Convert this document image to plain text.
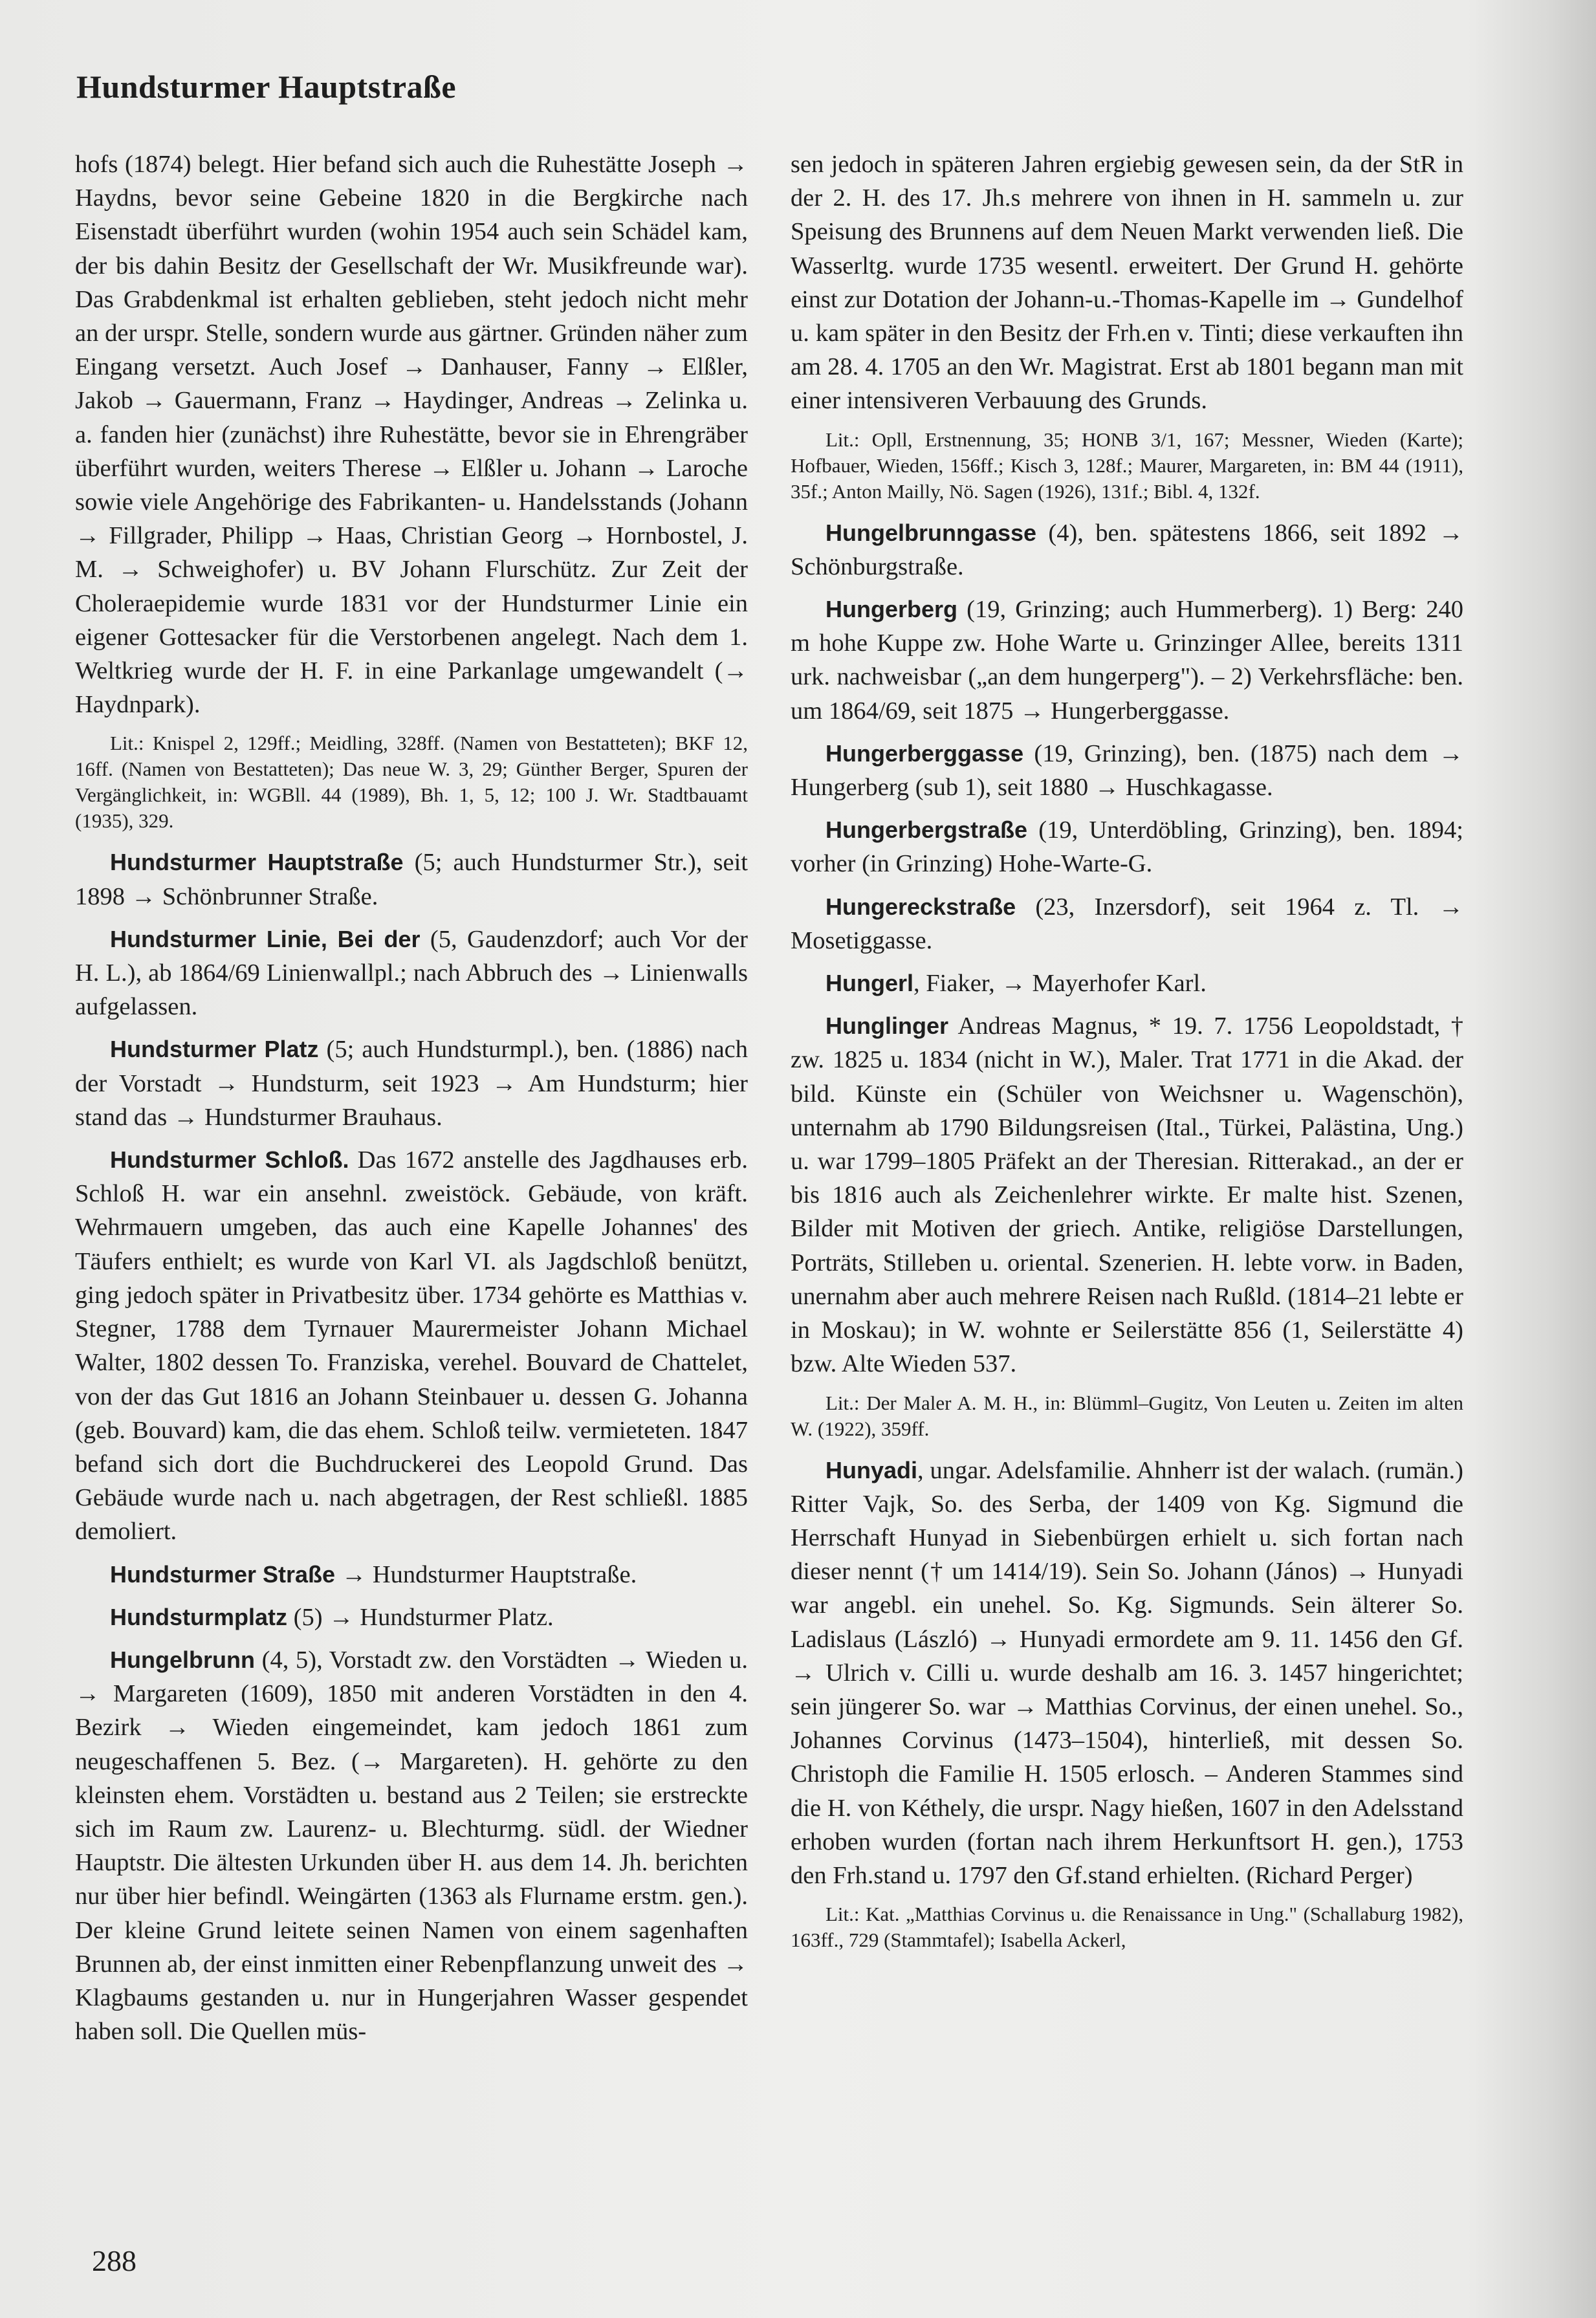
Hundsturmer Hauptstraße

hofs (1874) belegt. Hier befand sich auch die Ruhestätte Joseph → Haydns, bevor seine Gebeine 1820 in die Bergkirche nach Eisenstadt überführt wurden (wohin 1954 auch sein Schädel kam, der bis dahin Besitz der Gesellschaft der Wr. Musikfreunde war). Das Grabdenkmal ist erhalten geblieben, steht jedoch nicht mehr an der urspr. Stelle, sondern wurde aus gärtner. Gründen näher zum Eingang versetzt. Auch Josef → Danhauser, Fanny → Elßler, Jakob → Gauermann, Franz → Haydinger, Andreas → Zelinka u. a. fanden hier (zunächst) ihre Ruhestätte, bevor sie in Ehrengräber überführt wurden, weiters Therese → Elßler u. Johann → Laroche sowie viele Angehörige des Fabrikanten- u. Handelsstands (Johann → Fillgrader, Philipp → Haas, Christian Georg → Hornbostel, J. M. → Schweighofer) u. BV Johann Flurschütz. Zur Zeit der Choleraepidemie wurde 1831 vor der Hundsturmer Linie ein eigener Gottesacker für die Verstorbenen angelegt. Nach dem 1. Weltkrieg wurde der H. F. in eine Parkanlage umgewandelt (→ Haydnpark).

Lit.: Knispel 2, 129ff.; Meidling, 328ff. (Namen von Bestatteten); BKF 12, 16ff. (Namen von Bestatteten); Das neue W. 3, 29; Günther Berger, Spuren der Vergänglichkeit, in: WGBll. 44 (1989), Bh. 1, 5, 12; 100 J. Wr. Stadtbauamt (1935), 329.

Hundsturmer Hauptstraße (5; auch Hundsturmer Str.), seit 1898 → Schönbrunner Straße.

Hundsturmer Linie, Bei der (5, Gaudenzdorf; auch Vor der H. L.), ab 1864/69 Linienwallpl.; nach Abbruch des → Linienwalls aufgelassen.

Hundsturmer Platz (5; auch Hundsturmpl.), ben. (1886) nach der Vorstadt → Hundsturm, seit 1923 → Am Hundsturm; hier stand das → Hundsturmer Brauhaus.

Hundsturmer Schloß. Das 1672 anstelle des Jagdhauses erb. Schloß H. war ein ansehnl. zweistöck. Gebäude, von kräft. Wehrmauern umgeben, das auch eine Kapelle Johannes' des Täufers enthielt; es wurde von Karl VI. als Jagdschloß benützt, ging jedoch später in Privatbesitz über. 1734 gehörte es Matthias v. Stegner, 1788 dem Tyrnauer Maurermeister Johann Michael Walter, 1802 dessen To. Franziska, verehel. Bouvard de Chattelet, von der das Gut 1816 an Johann Steinbauer u. dessen G. Johanna (geb. Bouvard) kam, die das ehem. Schloß teilw. vermieteten. 1847 befand sich dort die Buchdruckerei des Leopold Grund. Das Gebäude wurde nach u. nach abgetragen, der Rest schließl. 1885 demoliert.

Hundsturmer Straße → Hundsturmer Hauptstraße.

Hundsturmplatz (5) → Hundsturmer Platz.

Hungelbrunn (4, 5), Vorstadt zw. den Vorstädten → Wieden u. → Margareten (1609), 1850 mit anderen Vorstädten in den 4. Bezirk → Wieden eingemeindet, kam jedoch 1861 zum neugeschaffenen 5. Bez. (→ Margareten). H. gehörte zu den kleinsten ehem. Vorstädten u. bestand aus 2 Teilen; sie erstreckte sich im Raum zw. Laurenz- u. Blechturmg. südl. der Wiedner Hauptstr. Die ältesten Urkunden über H. aus dem 14. Jh. berichten nur über hier befindl. Weingärten (1363 als Flurname erstm. gen.). Der kleine Grund leitete seinen Namen von einem sagenhaften Brunnen ab, der einst inmitten einer Rebenpflanzung unweit des → Klagbaums gestanden u. nur in Hungerjahren Wasser gespendet haben soll. Die Quellen müs-

sen jedoch in späteren Jahren ergiebig gewesen sein, da der StR in der 2. H. des 17. Jh.s mehrere von ihnen in H. sammeln u. zur Speisung des Brunnens auf dem Neuen Markt verwenden ließ. Die Wasserltg. wurde 1735 wesentl. erweitert. Der Grund H. gehörte einst zur Dotation der Johann-u.-Thomas-Kapelle im → Gundelhof u. kam später in den Besitz der Frh.en v. Tinti; diese verkauften ihn am 28. 4. 1705 an den Wr. Magistrat. Erst ab 1801 begann man mit einer intensiveren Verbauung des Grunds.

Lit.: Opll, Erstnennung, 35; HONB 3/1, 167; Messner, Wieden (Karte); Hofbauer, Wieden, 156ff.; Kisch 3, 128f.; Maurer, Margareten, in: BM 44 (1911), 35f.; Anton Mailly, Nö. Sagen (1926), 131f.; Bibl. 4, 132f.

Hungelbrunngasse (4), ben. spätestens 1866, seit 1892 → Schönburgstraße.

Hungerberg (19, Grinzing; auch Hummerberg). 1) Berg: 240 m hohe Kuppe zw. Hohe Warte u. Grinzinger Allee, bereits 1311 urk. nachweisbar („an dem hungerperg"). – 2) Verkehrsfläche: ben. um 1864/69, seit 1875 → Hungerberggasse.

Hungerberggasse (19, Grinzing), ben. (1875) nach dem → Hungerberg (sub 1), seit 1880 → Huschkagasse.

Hungerbergstraße (19, Unterdöbling, Grinzing), ben. 1894; vorher (in Grinzing) Hohe-Warte-G.

Hungereckstraße (23, Inzersdorf), seit 1964 z. Tl. → Mosetiggasse.

Hungerl, Fiaker, → Mayerhofer Karl.

Hunglinger Andreas Magnus, * 19. 7. 1756 Leopoldstadt, † zw. 1825 u. 1834 (nicht in W.), Maler. Trat 1771 in die Akad. der bild. Künste ein (Schüler von Weichsner u. Wagenschön), unternahm ab 1790 Bildungsreisen (Ital., Türkei, Palästina, Ung.) u. war 1799–1805 Präfekt an der Theresian. Ritterakad., an der er bis 1816 auch als Zeichenlehrer wirkte. Er malte hist. Szenen, Bilder mit Motiven der griech. Antike, religiöse Darstellungen, Porträts, Stilleben u. oriental. Szenerien. H. lebte vorw. in Baden, unernahm aber auch mehrere Reisen nach Rußld. (1814–21 lebte er in Moskau); in W. wohnte er Seilerstätte 856 (1, Seilerstätte 4) bzw. Alte Wieden 537.

Lit.: Der Maler A. M. H., in: Blümml–Gugitz, Von Leuten u. Zeiten im alten W. (1922), 359ff.

Hunyadi, ungar. Adelsfamilie. Ahnherr ist der walach. (rumän.) Ritter Vajk, So. des Serba, der 1409 von Kg. Sigmund die Herrschaft Hunyad in Siebenbürgen erhielt u. sich fortan nach dieser nennt († um 1414/19). Sein So. Johann (János) → Hunyadi war angebl. ein unehel. So. Kg. Sigmunds. Sein älterer So. Ladislaus (László) → Hunyadi ermordete am 9. 11. 1456 den Gf. → Ulrich v. Cilli u. wurde deshalb am 16. 3. 1457 hingerichtet; sein jüngerer So. war → Matthias Corvinus, der einen unehel. So., Johannes Corvinus (1473–1504), hinterließ, mit dessen So. Christoph die Familie H. 1505 erlosch. – Anderen Stammes sind die H. von Kéthely, die urspr. Nagy hießen, 1607 in den Adelsstand erhoben wurden (fortan nach ihrem Herkunftsort H. gen.), 1753 den Frh.stand u. 1797 den Gf.stand erhielten. (Richard Perger)

Lit.: Kat. „Matthias Corvinus u. die Renaissance in Ung." (Schallaburg 1982), 163ff., 729 (Stammtafel); Isabella Ackerl,

288
